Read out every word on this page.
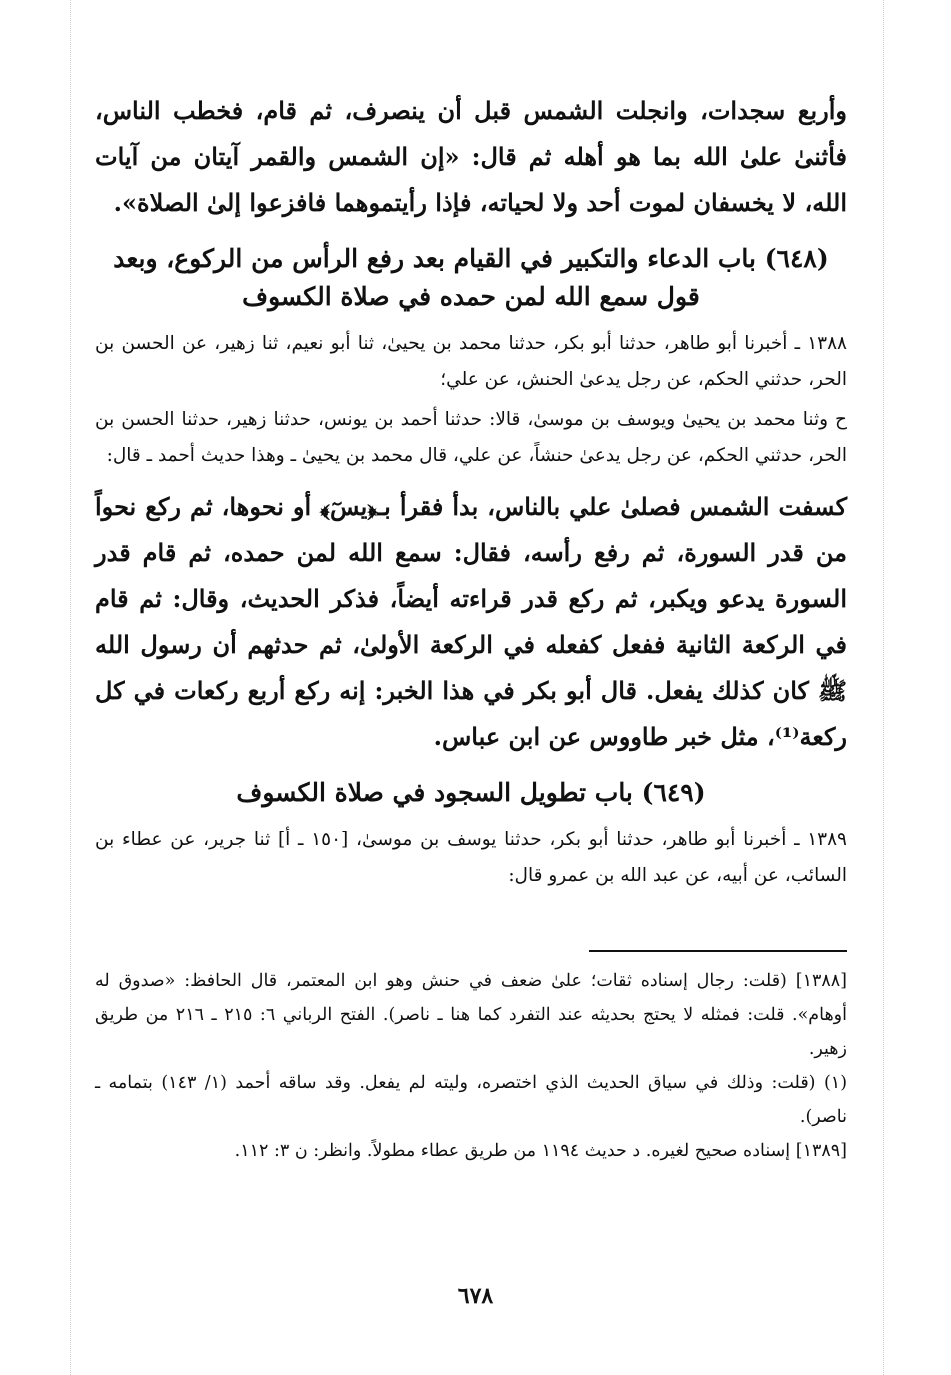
وأربع سجدات، وانجلت الشمس قبل أن ينصرف، ثم قام، فخطب الناس، فأثنىٰ علىٰ الله بما هو أهله ثم قال: «إن الشمس والقمر آيتان من آيات الله، لا يخسفان لموت أحد ولا لحياته، فإذا رأيتموهما فافزعوا إلىٰ الصلاة».

(٦٤٨) باب الدعاء والتكبير في القيام بعد رفع الرأس من الركوع، وبعد قول سمع الله لمن حمده في صلاة الكسوف

١٣٨٨ ـ أخبرنا أبو طاهر، حدثنا أبو بكر، حدثنا محمد بن يحيىٰ، ثنا أبو نعيم، ثنا زهير، عن الحسن بن الحر، حدثني الحكم، عن رجل يدعىٰ الحنش، عن علي؛

ح وثنا محمد بن يحيىٰ ويوسف بن موسىٰ، قالا: حدثنا أحمد بن يونس، حدثنا زهير، حدثنا الحسن بن الحر، حدثني الحكم، عن رجل يدعىٰ حنشاً، عن علي، قال محمد بن يحيىٰ ـ وهذا حديث أحمد ـ قال:

كسفت الشمس فصلىٰ علي بالناس، بدأ فقرأ بـ﴿يسٓ﴾ أو نحوها، ثم ركع نحواً من قدر السورة، ثم رفع رأسه، فقال: سمع الله لمن حمده، ثم قام قدر السورة يدعو ويكبر، ثم ركع قدر قراءته أيضاً، فذكر الحديث، وقال: ثم قام في الركعة الثانية ففعل كفعله في الركعة الأولىٰ، ثم حدثهم أن رسول الله ﷺ كان كذلك يفعل. قال أبو بكر في هذا الخبر: إنه ركع أربع ركعات في كل ركعة⁽¹⁾، مثل خبر طاووس عن ابن عباس.

(٦٤٩) باب تطويل السجود في صلاة الكسوف

١٣٨٩ ـ أخبرنا أبو طاهر، حدثنا أبو بكر، حدثنا يوسف بن موسىٰ، [١٥٠ ـ أ] ثنا جرير، عن عطاء بن السائب، عن أبيه، عن عبد الله بن عمرو قال:

[١٣٨٨] (قلت: رجال إسناده ثقات؛ علىٰ ضعف في حنش وهو ابن المعتمر، قال الحافظ: «صدوق له أوهام». قلت: فمثله لا يحتج بحديثه عند التفرد كما هنا ـ ناصر). الفتح الرباني ٦: ٢١٥ ـ ٢١٦ من طريق زهير.

(١) (قلت: وذلك في سياق الحديث الذي اختصره، وليته لم يفعل. وقد ساقه أحمد (١/ ١٤٣) بتمامه ـ ناصر).

[١٣٨٩] إسناده صحيح لغيره. د حديث ١١٩٤ من طريق عطاء مطولاً. وانظر: ن ٣: ١١٢.

٦٧٨
